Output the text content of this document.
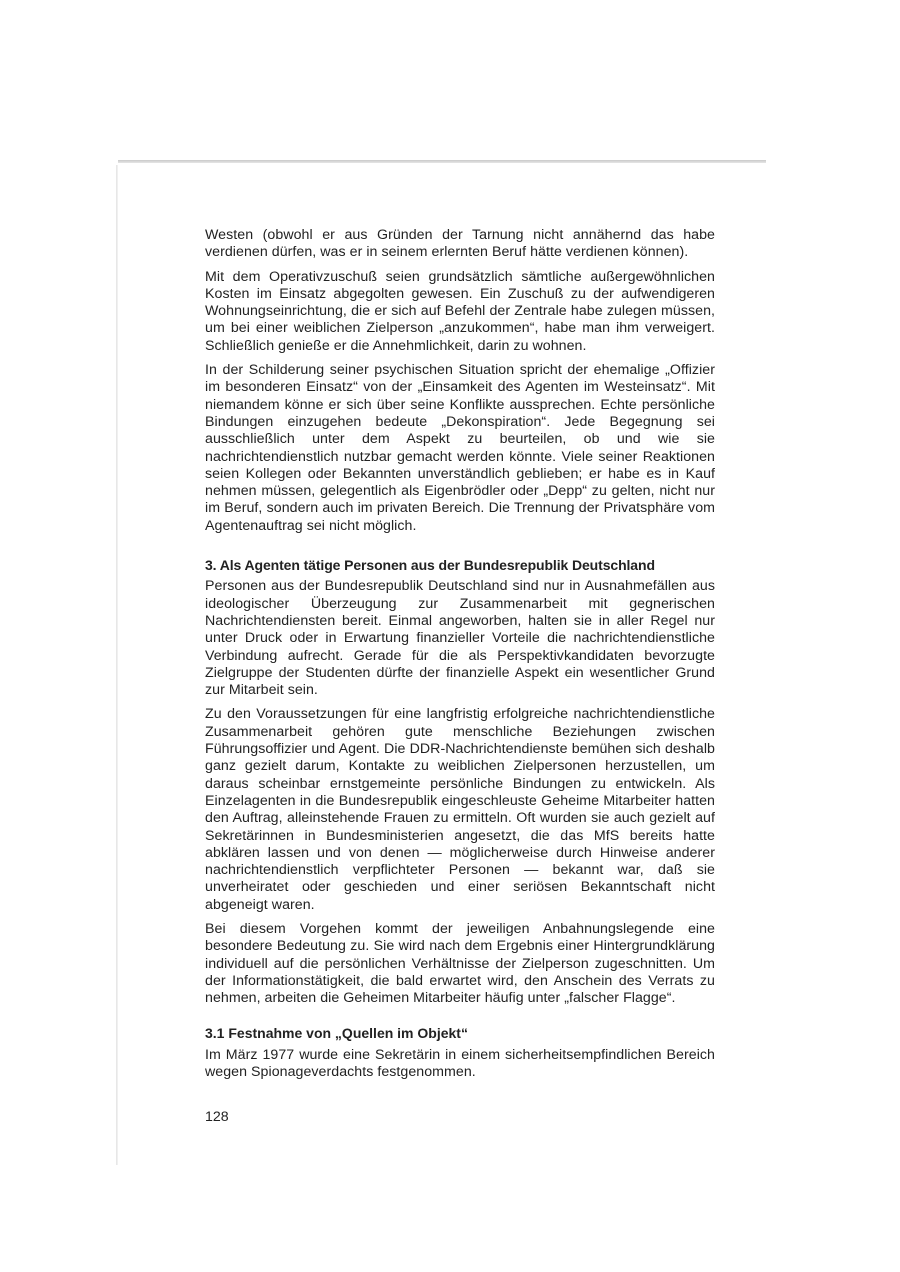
Westen (obwohl er aus Gründen der Tarnung nicht annähernd das habe verdienen dürfen, was er in seinem erlernten Beruf hätte verdienen können).

Mit dem Operativzuschuß seien grundsätzlich sämtliche außergewöhnlichen Kosten im Einsatz abgegolten gewesen. Ein Zuschuß zu der aufwendigeren Wohnungseinrichtung, die er sich auf Befehl der Zentrale habe zulegen müssen, um bei einer weiblichen Zielperson „anzukommen“, habe man ihm verweigert. Schließlich genieße er die Annehmlichkeit, darin zu wohnen.

In der Schilderung seiner psychischen Situation spricht der ehemalige „Offizier im besonderen Einsatz“ von der „Einsamkeit des Agenten im Westeinsatz“. Mit niemandem könne er sich über seine Konflikte aussprechen. Echte persönliche Bindungen einzugehen bedeute „Dekonspiration“. Jede Begegnung sei ausschließlich unter dem Aspekt zu beurteilen, ob und wie sie nachrichtendienstlich nutzbar gemacht werden könnte. Viele seiner Reaktionen seien Kollegen oder Bekannten unverständlich geblieben; er habe es in Kauf nehmen müssen, gelegentlich als Eigenbrödler oder „Depp“ zu gelten, nicht nur im Beruf, sondern auch im privaten Bereich. Die Trennung der Privatsphäre vom Agentenauftrag sei nicht möglich.

3. Als Agenten tätige Personen aus der Bundesrepublik Deutschland

Personen aus der Bundesrepublik Deutschland sind nur in Ausnahmefällen aus ideologischer Überzeugung zur Zusammenarbeit mit gegnerischen Nachrichtendiensten bereit. Einmal angeworben, halten sie in aller Regel nur unter Druck oder in Erwartung finanzieller Vorteile die nachrichtendienstliche Verbindung aufrecht. Gerade für die als Perspektivkandidaten bevorzugte Zielgruppe der Studenten dürfte der finanzielle Aspekt ein wesentlicher Grund zur Mitarbeit sein.

Zu den Voraussetzungen für eine langfristig erfolgreiche nachrichtendienstliche Zusammenarbeit gehören gute menschliche Beziehungen zwischen Führungsoffizier und Agent. Die DDR-Nachrichtendienste bemühen sich deshalb ganz gezielt darum, Kontakte zu weiblichen Zielpersonen herzustellen, um daraus scheinbar ernstgemeinte persönliche Bindungen zu entwickeln. Als Einzelagenten in die Bundesrepublik eingeschleuste Geheime Mitarbeiter hatten den Auftrag, alleinstehende Frauen zu ermitteln. Oft wurden sie auch gezielt auf Sekretärinnen in Bundesministerien angesetzt, die das MfS bereits hatte abklären lassen und von denen — möglicherweise durch Hinweise anderer nachrichtendienstlich verpflichteter Personen — bekannt war, daß sie unverheiratet oder geschieden und einer seriösen Bekanntschaft nicht abgeneigt waren.

Bei diesem Vorgehen kommt der jeweiligen Anbahnungslegende eine besondere Bedeutung zu. Sie wird nach dem Ergebnis einer Hintergrundklärung individuell auf die persönlichen Verhältnisse der Zielperson zugeschnitten. Um der Informationstätigkeit, die bald erwartet wird, den Anschein des Verrats zu nehmen, arbeiten die Geheimen Mitarbeiter häufig unter „falscher Flagge“.

3.1 Festnahme von „Quellen im Objekt“

Im März 1977 wurde eine Sekretärin in einem sicherheitsempfindlichen Bereich wegen Spionageverdachts festgenommen.

128
